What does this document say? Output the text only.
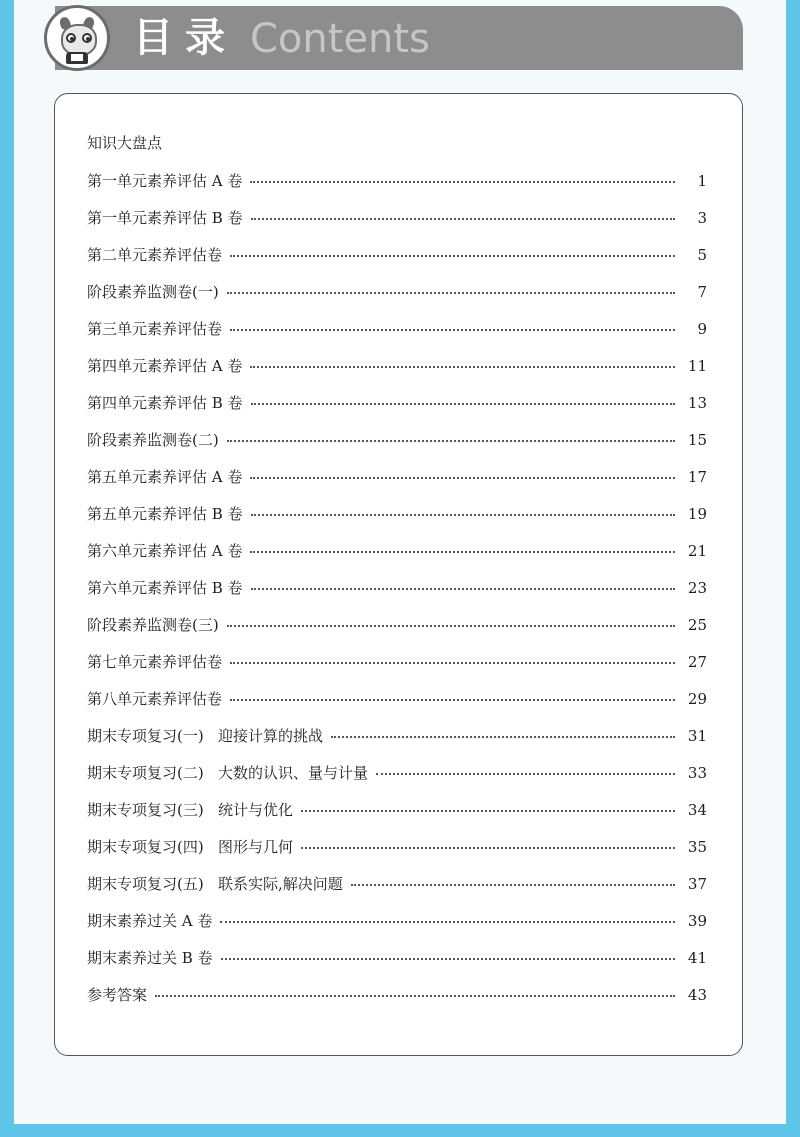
目录 Contents
知识大盘点
第一单元素养评估 A 卷	1
第一单元素养评估 B 卷	3
第二单元素养评估卷	5
阶段素养监测卷(一)	7
第三单元素养评估卷	9
第四单元素养评估 A 卷	11
第四单元素养评估 B 卷	13
阶段素养监测卷(二)	15
第五单元素养评估 A 卷	17
第五单元素养评估 B 卷	19
第六单元素养评估 A 卷	21
第六单元素养评估 B 卷	23
阶段素养监测卷(三)	25
第七单元素养评估卷	27
第八单元素养评估卷	29
期末专项复习(一)   迎接计算的挑战	31
期末专项复习(二)   大数的认识、量与计量	33
期末专项复习(三)   统计与优化	34
期末专项复习(四)   图形与几何	35
期末专项复习(五)   联系实际,解决问题	37
期末素养过关 A 卷	39
期末素养过关 B 卷	41
参考答案	43
